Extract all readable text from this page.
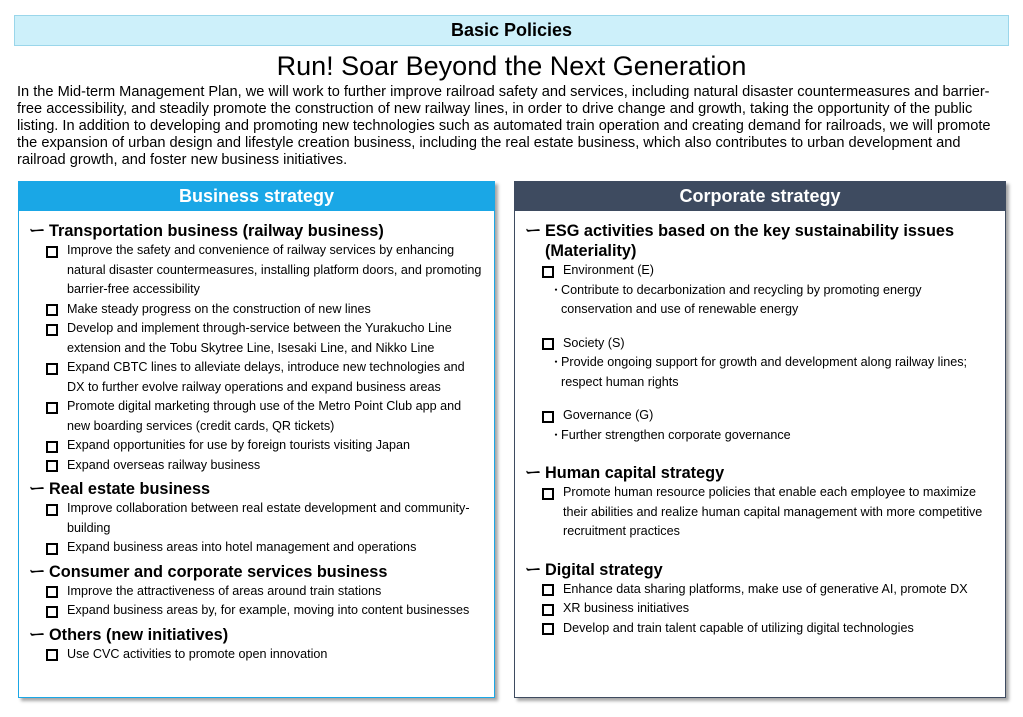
Basic Policies
Run! Soar Beyond the Next Generation

In the Mid-term Management Plan, we will work to further improve railroad safety and services, including natural disaster countermeasures and barrier-free accessibility, and steadily promote the construction of new railway lines, in order to drive change and growth, taking the opportunity of the public listing. In addition to developing and promoting new technologies such as automated train operation and creating demand for railroads, we will promote the expansion of urban design and lifestyle creation business, including the real estate business, which also contributes to urban development and railroad growth, and foster new business initiatives.

Business strategy
ー Transportation business (railway business)
Improve the safety and convenience of railway services by enhancing natural disaster countermeasures, installing platform doors, and promoting barrier-free accessibility
Make steady progress on the construction of new lines
Develop and implement through-service between the Yurakucho Line extension and the Tobu Skytree Line, Isesaki Line, and Nikko Line
Expand CBTC lines to alleviate delays, introduce new technologies and DX to further evolve railway operations and expand business areas
Promote digital marketing through use of the Metro Point Club app and new boarding services (credit cards, QR tickets)
Expand opportunities for use by foreign tourists visiting Japan
Expand overseas railway business
ー Real estate business
Improve collaboration between real estate development and community-building
Expand business areas into hotel management and operations
ー Consumer and corporate services business
Improve the attractiveness of areas around train stations
Expand business areas by, for example, moving into content businesses
ー Others (new initiatives)
Use CVC activities to promote open innovation
Corporate strategy
ー ESG activities based on the key sustainability issues (Materiality)
Environment (E)
・
Contribute to decarbonization and recycling by promoting energy conservation and use of renewable energy
Society (S)
・
Provide ongoing support for growth and development along railway lines; respect human rights
Governance (G)
・
Further strengthen corporate governance
ー Human capital strategy
Promote human resource policies that enable each employee to maximize their abilities and realize human capital management with more competitive recruitment practices
ー Digital strategy
Enhance data sharing platforms, make use of generative AI, promote DX
XR business initiatives
Develop and train talent capable of utilizing digital technologies
